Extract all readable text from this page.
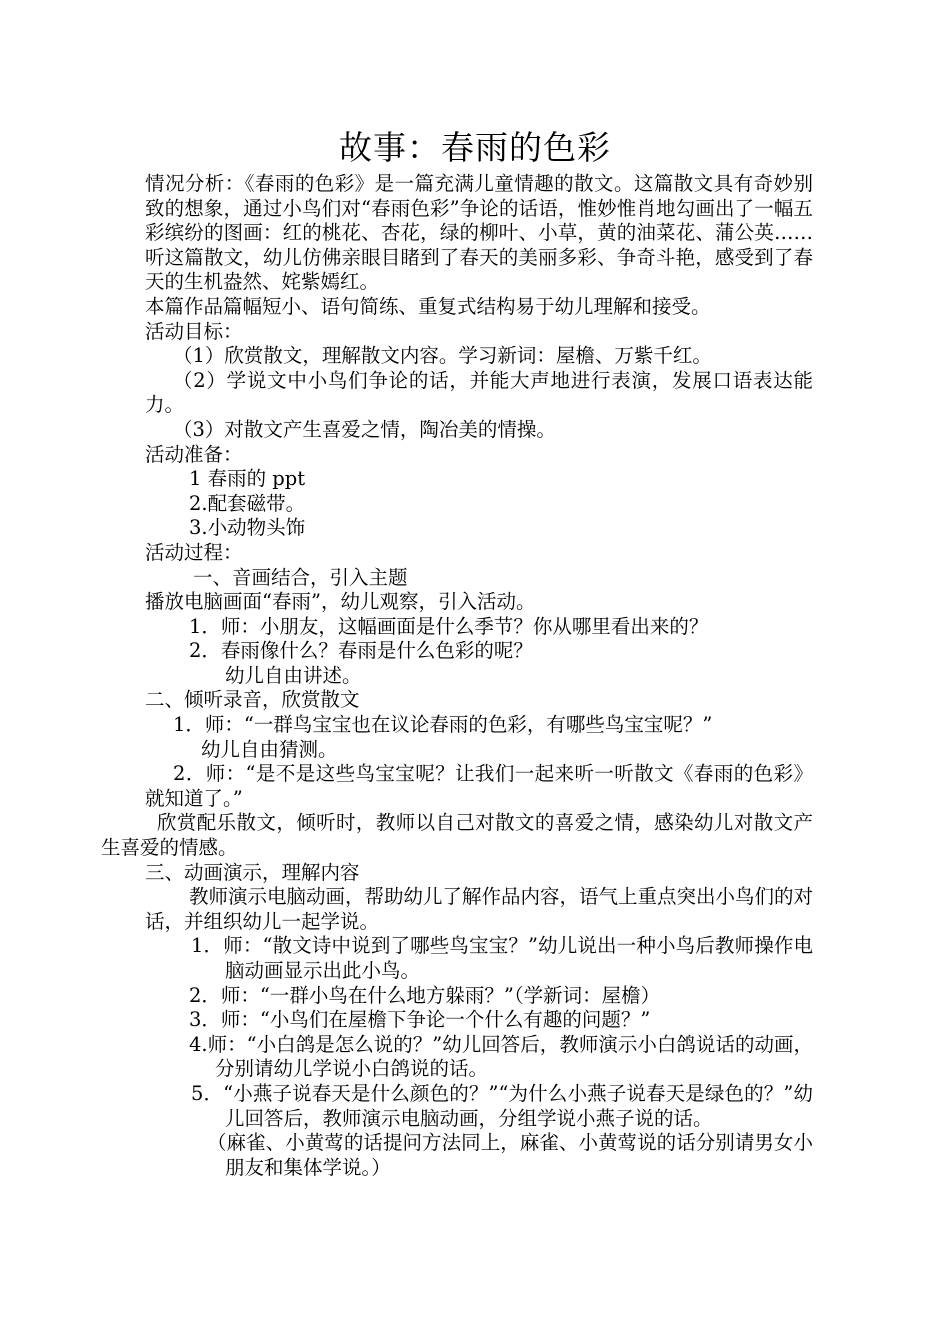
故事：春雨的色彩

情况分析：《春雨的色彩》是一篇充满儿童情趣的散文。这篇散文具有奇妙别致的想象，通过小鸟们对“春雨色彩”争论的话语，惟妙惟肖地勾画出了一幅五彩缤纷的图画：红的桃花、杏花，绿的柳叶、小草，黄的油菜花、蒲公英……听这篇散文，幼儿仿佛亲眼目睹到了春天的美丽多彩、争奇斗艳，感受到了春天的生机盎然、姹紫嫣红。

本篇作品篇幅短小、语句简练、重复式结构易于幼儿理解和接受。

活动目标：

（1）欣赏散文，理解散文内容。学习新词：屋檐、万紫千红。

（2）学说文中小鸟们争论的话，并能大声地进行表演，发展口语表达能力。

（3）对散文产生喜爱之情，陶冶美的情操。

活动准备：

1 春雨的 ppt

2.配套磁带。

3.小动物头饰

活动过程：

一、音画结合，引入主题

播放电脑画面“春雨”，幼儿观察，引入活动。

1．师：小朋友，这幅画面是什么季节？你从哪里看出来的？

2．春雨像什么？春雨是什么色彩的呢？

幼儿自由讲述。

二、倾听录音，欣赏散文

1．师：“一群鸟宝宝也在议论春雨的色彩，有哪些鸟宝宝呢？”

幼儿自由猜测。

2．师：“是不是这些鸟宝宝呢？让我们一起来听一听散文《春雨的色彩》就知道了。”

欣赏配乐散文，倾听时，教师以自己对散文的喜爱之情，感染幼儿对散文产生喜爱的情感。

三、动画演示，理解内容

教师演示电脑动画，帮助幼儿了解作品内容，语气上重点突出小鸟们的对话，并组织幼儿一起学说。

1．师：“散文诗中说到了哪些鸟宝宝？”幼儿说出一种小鸟后教师操作电脑动画显示出此小鸟。

2．师：“一群小鸟在什么地方躲雨？”（学新词：屋檐）

3．师：“小鸟们在屋檐下争论一个什么有趣的问题？”

4.师：“小白鸽是怎么说的？”幼儿回答后，教师演示小白鸽说话的动画，分别请幼儿学说小白鸽说的话。

5．“小燕子说春天是什么颜色的？”“为什么小燕子说春天是绿色的？”幼儿回答后，教师演示电脑动画，分组学说小燕子说的话。

（麻雀、小黄莺的话提问方法同上，麻雀、小黄莺说的话分别请男女小朋友和集体学说。）
